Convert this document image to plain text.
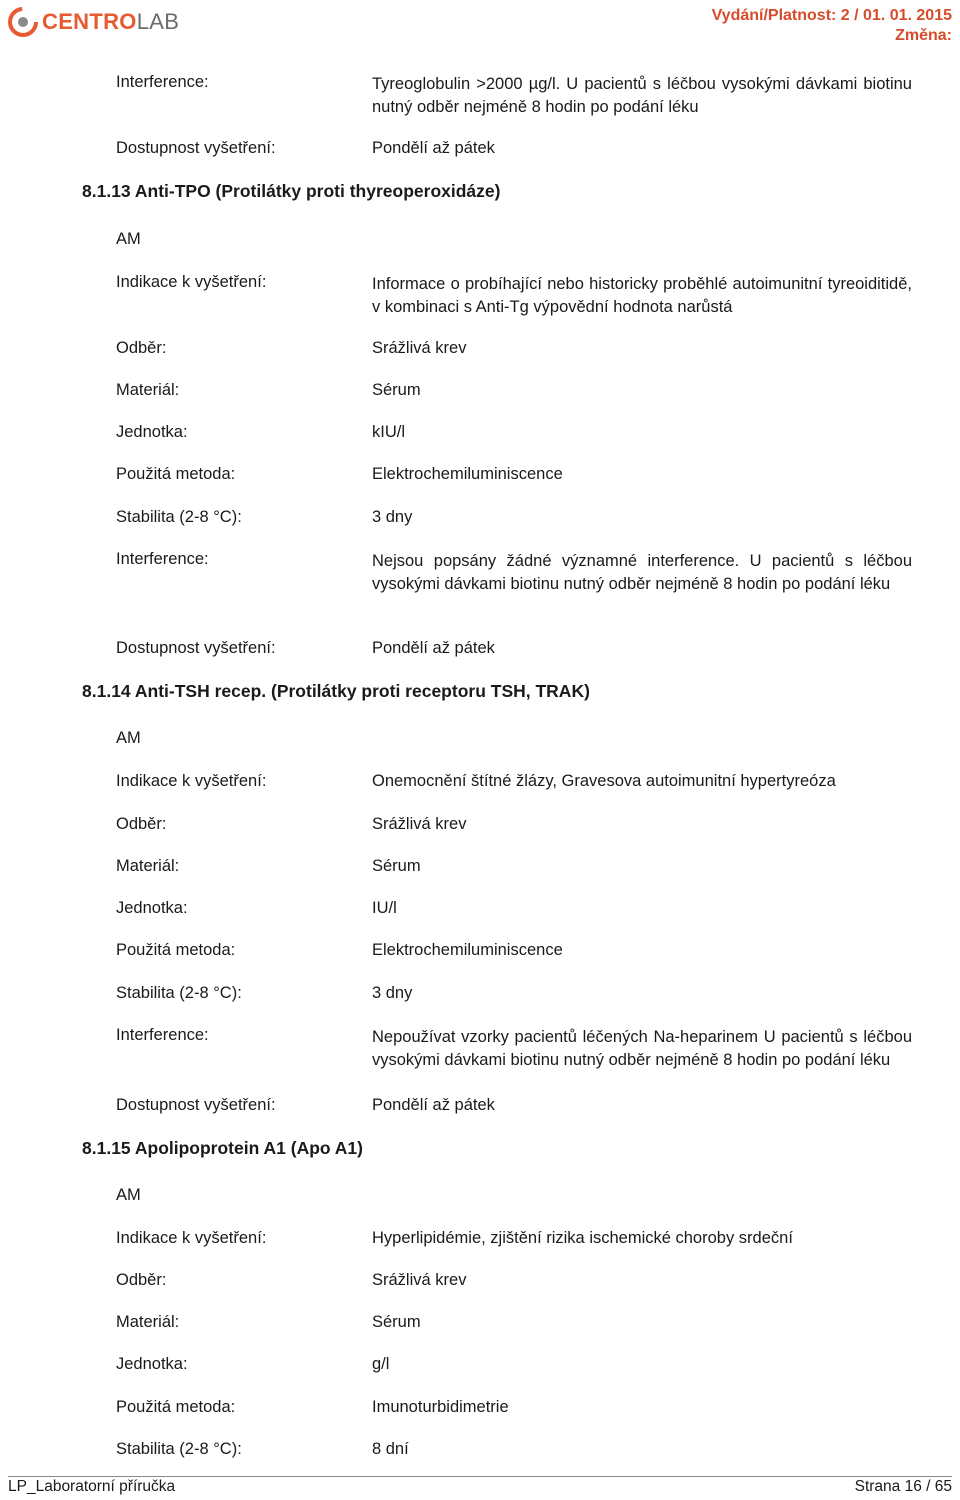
CENTROLAB	Vydání/Platnost: 2 / 01. 01. 2015
Změna:
Interference:	Tyreoglobulin >2000 µg/l. U pacientů s léčbou vysokými dávkami biotinu nutný odběr nejméně 8 hodin po podání léku
Dostupnost vyšetření:	Pondělí až pátek
8.1.13 Anti-TPO (Protilátky proti thyreoperoxidáze)
AM
Indikace k vyšetření:	Informace o probíhající nebo historicky proběhlé autoimunitní tyreoiditidě, v kombinaci s Anti-Tg výpovědní hodnota narůstá
Odběr:	Srážlivá krev
Materiál:	Sérum
Jednotka:	kIU/l
Použitá metoda:	Elektrochemiluminiscence
Stabilita (2-8 °C):	3 dny
Interference:	Nejsou popsány žádné významné interference. U pacientů s léčbou vysokými dávkami biotinu nutný odběr nejméně 8 hodin po podání léku
Dostupnost vyšetření:	Pondělí až pátek
8.1.14 Anti-TSH recep. (Protilátky proti receptoru TSH, TRAK)
AM
Indikace k vyšetření:	Onemocnění štítné žlázy, Gravesova autoimunitní hypertyreóza
Odběr:	Srážlivá krev
Materiál:	Sérum
Jednotka:	IU/l
Použitá metoda:	Elektrochemiluminiscence
Stabilita (2-8 °C):	3 dny
Interference:	Nepoužívat vzorky pacientů léčených Na-heparinem U pacientů s léčbou vysokými dávkami biotinu nutný odběr nejméně 8 hodin po podání léku
Dostupnost vyšetření:	Pondělí až pátek
8.1.15 Apolipoprotein A1 (Apo A1)
AM
Indikace k vyšetření:	Hyperlipidémie, zjištění rizika ischemické choroby srdeční
Odběr:	Srážlivá krev
Materiál:	Sérum
Jednotka:	g/l
Použitá metoda:	Imunoturbidimetrie
Stabilita (2-8 °C):	8 dní
LP_Laboratorní příručka	Strana 16 / 65
